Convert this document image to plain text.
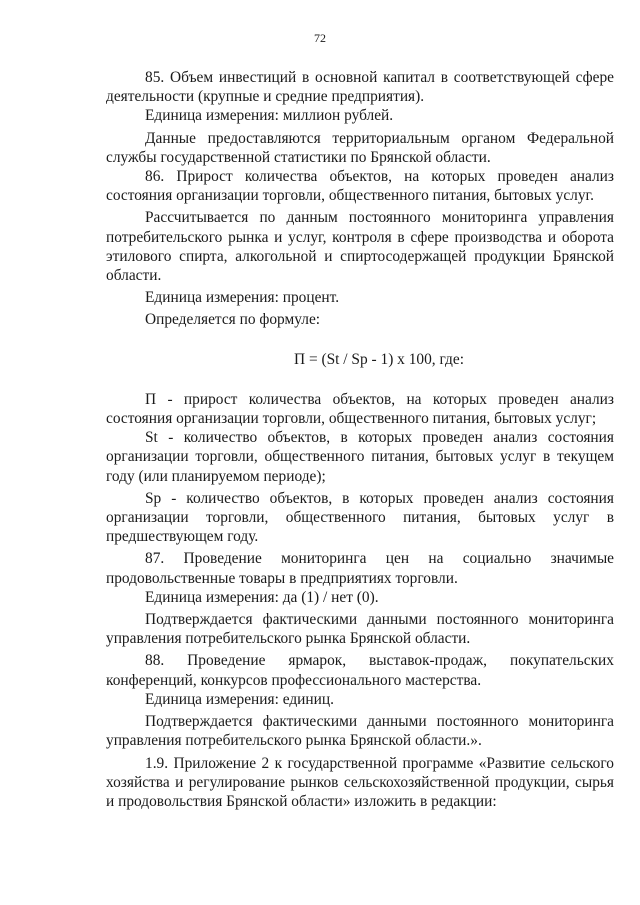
72

85. Объем инвестиций в основной капитал в соответствующей сфере деятельности (крупные и средние предприятия).

Единица измерения: миллион рублей.

Данные предоставляются территориальным органом Федеральной службы государственной статистики по Брянской области.

86. Прирост количества объектов, на которых проведен анализ состояния организации торговли, общественного питания, бытовых услуг.

Рассчитывается по данным постоянного мониторинга управления потребительского рынка и услуг, контроля в сфере производства и оборота этилового спирта, алкогольной и спиртосодержащей продукции Брянской области.

Единица измерения: процент.

Определяется по формуле:

П = (St / Sp - 1) x 100, где:

П - прирост количества объектов, на которых проведен анализ состояния организации торговли, общественного питания, бытовых услуг;

St - количество объектов, в которых проведен анализ состояния организации торговли, общественного питания, бытовых услуг в текущем году (или планируемом периоде);

Sp - количество объектов, в которых проведен анализ состояния организации торговли, общественного питания, бытовых услуг в предшествующем году.

87. Проведение мониторинга цен на социально значимые продовольственные товары в предприятиях торговли.

Единица измерения: да (1) / нет (0).

Подтверждается фактическими данными постоянного мониторинга управления потребительского рынка Брянской области.

88. Проведение ярмарок, выставок-продаж, покупательских конференций, конкурсов профессионального мастерства.

Единица измерения: единиц.

Подтверждается фактическими данными постоянного мониторинга управления потребительского рынка Брянской области.».

1.9. Приложение 2 к государственной программе «Развитие сельского хозяйства и регулирование рынков сельскохозяйственной продукции, сырья и продовольствия Брянской области» изложить в редакции:
